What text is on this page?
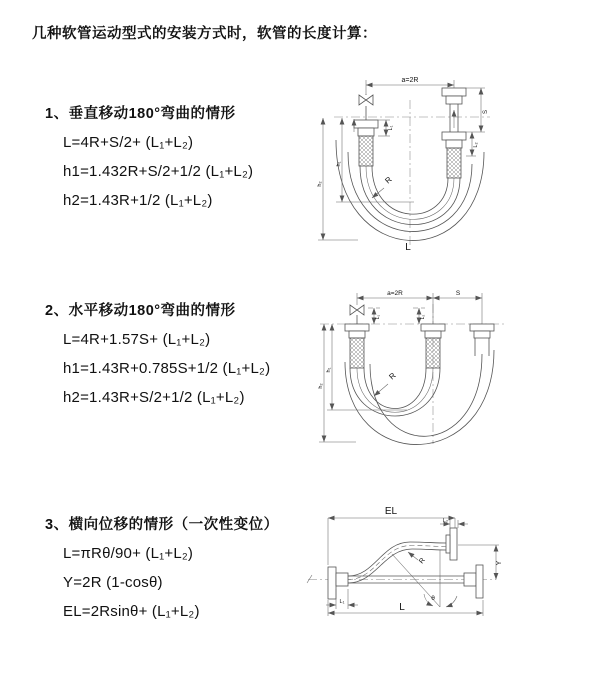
几种软管运动型式的安装方式时，软管的长度计算：
1、垂直移动180°弯曲的情形
L=4R+S/2+ (L₁+L₂)
h1=1.432R+S/2+1/2 (L₁+L₂)
h2=1.43R+1/2 (L₁+L₂)
2、水平移动180°弯曲的情形
L=4R+1.57S+ (L₁+L₂)
h1=1.43R+0.785S+1/2 (L₁+L₂)
h2=1.43R+S/2+1/2 (L₁+L₂)
3、横向位移的情形（一次性变位）
L=πRθ/90+ (L₁+L₂)
Y=2R (1-cosθ)
EL=2Rsinθ+ (L₁+L₂)
a=2R
L₁
S
L₂
h₂
h₁
R
L
a=2R	S
L₁	L₂
h₂
h₁
R
EL
L₂
R	Y
θ
L
L₁
